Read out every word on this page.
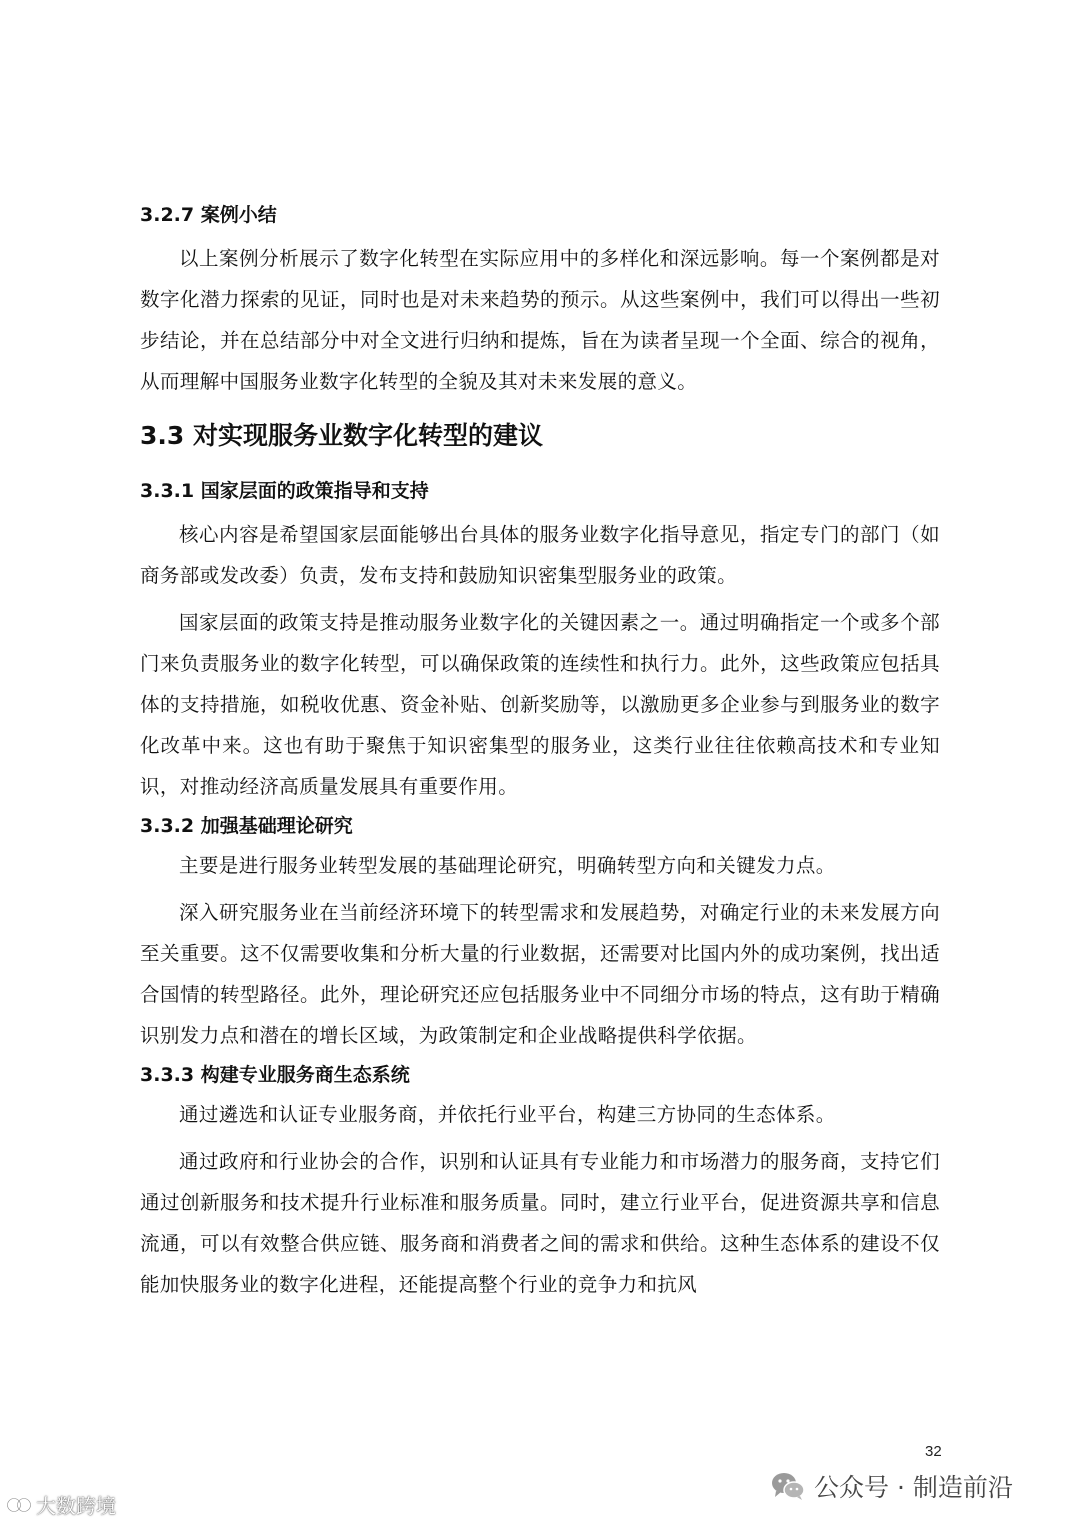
3.2.7 案例小结

以上案例分析展示了数字化转型在实际应用中的多样化和深远影响。每一个案例都是对数字化潜力探索的见证，同时也是对未来趋势的预示。从这些案例中，我们可以得出一些初步结论，并在总结部分中对全文进行归纳和提炼，旨在为读者呈现一个全面、综合的视角，从而理解中国服务业数字化转型的全貌及其对未来发展的意义。

3.3 对实现服务业数字化转型的建议
3.3.1 国家层面的政策指导和支持

核心内容是希望国家层面能够出台具体的服务业数字化指导意见，指定专门的部门（如商务部或发改委）负责，发布支持和鼓励知识密集型服务业的政策。

国家层面的政策支持是推动服务业数字化的关键因素之一。通过明确指定一个或多个部门来负责服务业的数字化转型，可以确保政策的连续性和执行力。此外，这些政策应包括具体的支持措施，如税收优惠、资金补贴、创新奖励等，以激励更多企业参与到服务业的数字化改革中来。这也有助于聚焦于知识密集型的服务业，这类行业往往依赖高技术和专业知识，对推动经济高质量发展具有重要作用。

3.3.2 加强基础理论研究

主要是进行服务业转型发展的基础理论研究，明确转型方向和关键发力点。

深入研究服务业在当前经济环境下的转型需求和发展趋势，对确定行业的未来发展方向至关重要。这不仅需要收集和分析大量的行业数据，还需要对比国内外的成功案例，找出适合国情的转型路径。此外，理论研究还应包括服务业中不同细分市场的特点，这有助于精确识别发力点和潜在的增长区域，为政策制定和企业战略提供科学依据。

3.3.3 构建专业服务商生态系统

通过遴选和认证专业服务商，并依托行业平台，构建三方协同的生态体系。

通过政府和行业协会的合作，识别和认证具有专业能力和市场潜力的服务商，支持它们通过创新服务和技术提升行业标准和服务质量。同时，建立行业平台，促进资源共享和信息流通，可以有效整合供应链、服务商和消费者之间的需求和供给。这种生态体系的建设不仅能加快服务业的数字化进程，还能提高整个行业的竞争力和抗风

32
大数跨境
公众号 · 制造前沿
